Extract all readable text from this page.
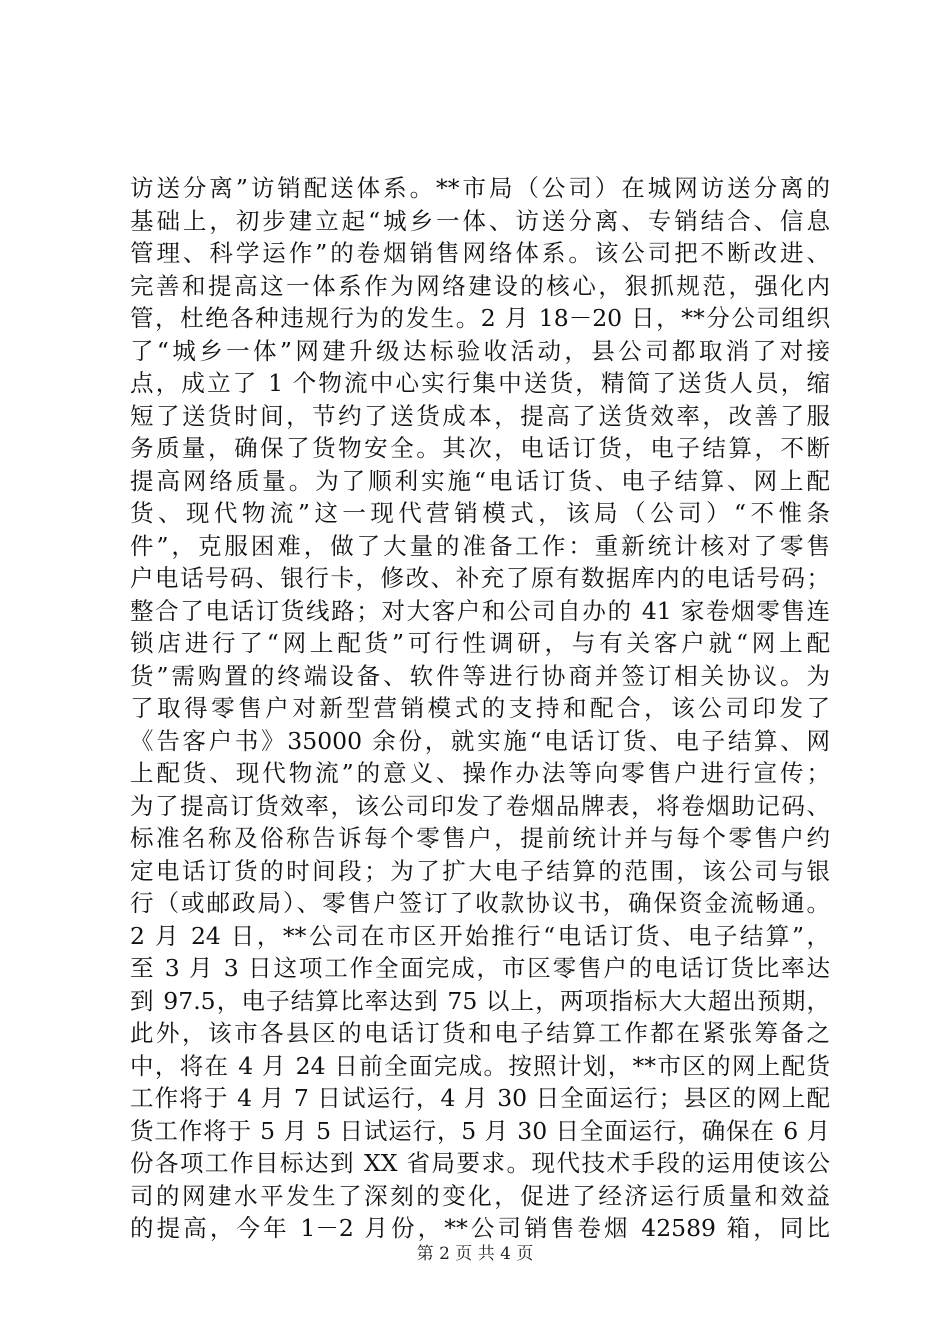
访送分离”访销配送体系。**市局（公司）在城网访送分离的
基础上，初步建立起“城乡一体、访送分离、专销结合、信息
管理、科学运作”的卷烟销售网络体系。该公司把不断改进、
完善和提高这一体系作为网络建设的核心，狠抓规范，强化内
管，杜绝各种违规行为的发生。2 月 18－20 日，**分公司组织
了“城乡一体”网建升级达标验收活动，县公司都取消了对接
点，成立了 1 个物流中心实行集中送货，精简了送货人员，缩
短了送货时间，节约了送货成本，提高了送货效率，改善了服
务质量，确保了货物安全。其次，电话订货，电子结算，不断
提高网络质量。为了顺利实施“电话订货、电子结算、网上配
货、现代物流”这一现代营销模式，该局（公司）“不惟条
件”，克服困难，做了大量的准备工作：重新统计核对了零售
户电话号码、银行卡，修改、补充了原有数据库内的电话号码；
整合了电话订货线路；对大客户和公司自办的 41 家卷烟零售连
锁店进行了“网上配货”可行性调研，与有关客户就“网上配
货”需购置的终端设备、软件等进行协商并签订相关协议。为
了取得零售户对新型营销模式的支持和配合，该公司印发了
《告客户书》35000 余份，就实施“电话订货、电子结算、网
上配货、现代物流”的意义、操作办法等向零售户进行宣传；
为了提高订货效率，该公司印发了卷烟品牌表，将卷烟助记码、
标准名称及俗称告诉每个零售户，提前统计并与每个零售户约
定电话订货的时间段；为了扩大电子结算的范围，该公司与银
行（或邮政局）、零售户签订了收款协议书，确保资金流畅通。
2 月 24 日，**公司在市区开始推行“电话订货、电子结算”，
至 3 月 3 日这项工作全面完成，市区零售户的电话订货比率达
到 97.5，电子结算比率达到 75 以上，两项指标大大超出预期，
此外，该市各县区的电话订货和电子结算工作都在紧张筹备之
中，将在 4 月 24 日前全面完成。按照计划，**市区的网上配货
工作将于 4 月 7 日试运行，4 月 30 日全面运行；县区的网上配
货工作将于 5 月 5 日试运行，5 月 30 日全面运行，确保在 6 月
份各项工作目标达到 XX 省局要求。现代技术手段的运用使该公
司的网建水平发生了深刻的变化，促进了经济运行质量和效益
的提高，今年 1－2 月份，**公司销售卷烟 42589 箱，同比
第 2 页 共 4 页
